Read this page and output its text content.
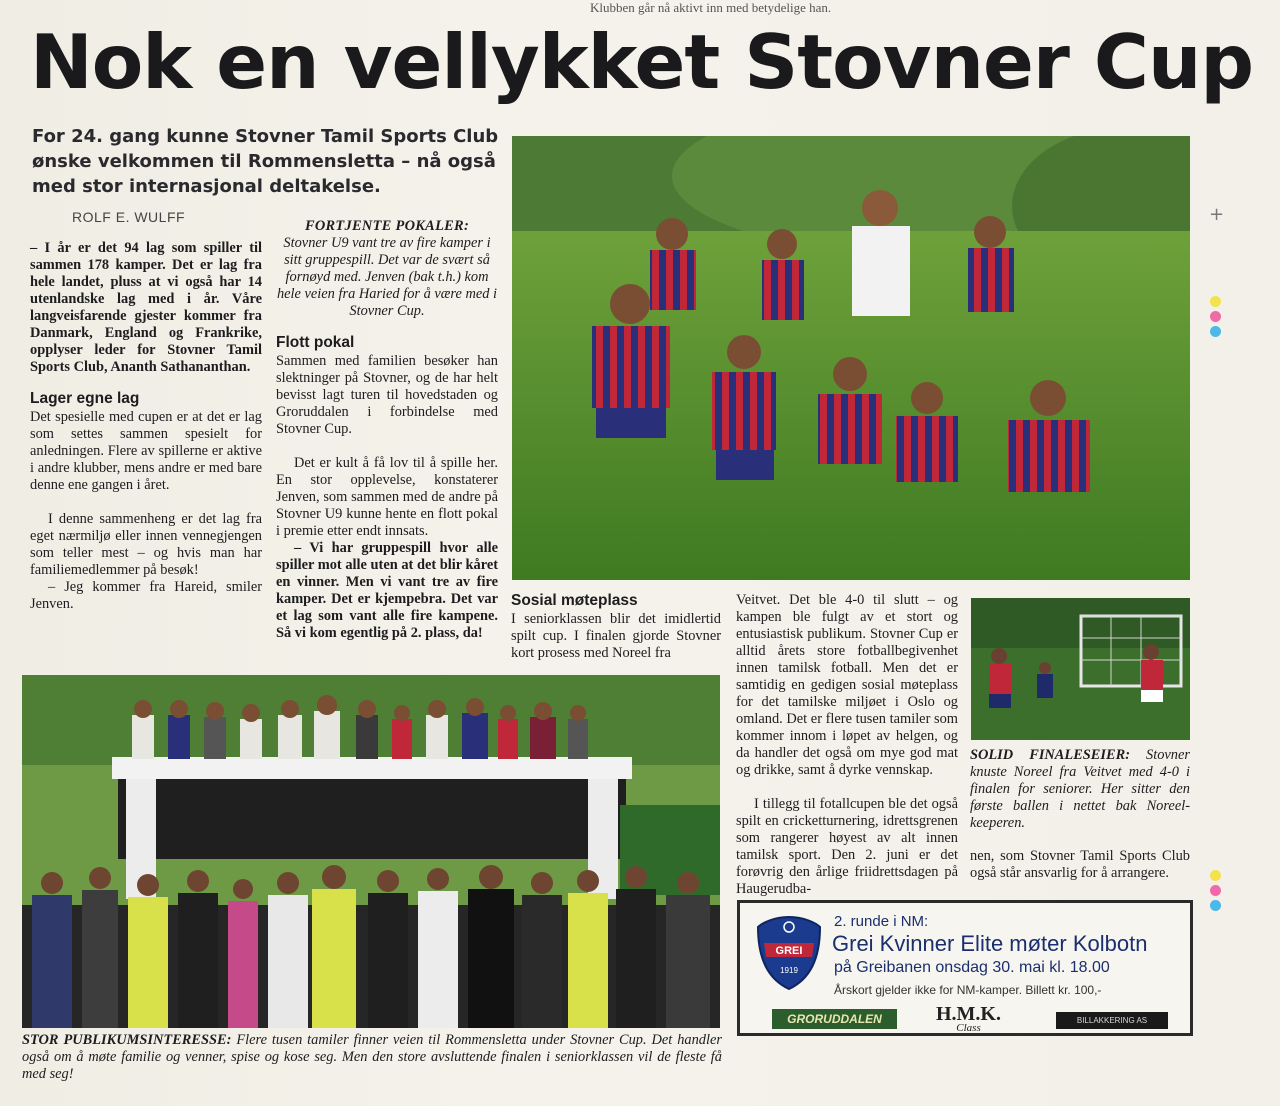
Klubben går nå aktivt inn med betydelige han.
Nok en vellykket Stovner Cup
For 24. gang kunne Stovner Tamil Sports Club ønske velkommen til Rommensletta – nå også med stor internasjonal deltakelse.
ROLF E. WULFF

– I år er det 94 lag som spiller til sammen 178 kamper. Det er lag fra hele landet, pluss at vi også har 14 utenlandske lag med i år. Våre langveisfarende gjester kommer fra Danmark, England og Frankrike, opplyser leder for Stovner Tamil Sports Club, Ananth Sathananthan.

Lager egne lag

Det spesielle med cupen er at det er lag som settes sammen spesielt for anledningen. Flere av spillerne er aktive i andre klubber, mens andre er med bare denne ene gangen i året.

I denne sammenheng er det lag fra eget nærmiljø eller innen vennegjengen som teller mest – og hvis man har familiemedlemmer på besøk!

– Jeg kommer fra Hareid, smiler Jenven.

FORTJENTE POKALER:
Stovner U9 vant tre av fire kamper i sitt gruppespill. Det var de svært så fornøyd med. Jenven (bak t.h.) kom hele veien fra Haried for å være med i Stovner Cup.

Flott pokal

Sammen med familien besøker han slektninger på Stovner, og de har helt bevisst lagt turen til hovedstaden og Groruddalen i forbindelse med Stovner Cup.

Det er kult å få lov til å spille her. En stor opplevelse, konstaterer Jenven, som sammen med de andre på Stovner U9 kunne hente en flott pokal i premie etter endt innsats.

– Vi har gruppespill hvor alle spiller mot alle uten at det blir kåret en vinner. Men vi vant tre av fire kamper. Det er kjempebra. Det var et lag som vant alle fire kampene. Så vi kom egentlig på 2. plass, da!

Sosial møteplass

I seniorklassen blir det imidlertid spilt cup. I finalen gjorde Stovner kort prosess med Noreel fra

Veitvet. Det ble 4-0 til slutt – og kampen ble fulgt av et stort og entusiastisk publikum. Stovner Cup er alltid årets store fotballbegivenhet innen tamilsk fotball. Men det er samtidig en gedigen sosial møteplass for det tamilske miljøet i Oslo og omland. Det er flere tusen tamiler som kommer innom i løpet av helgen, og da handler det også om mye god mat og drikke, samt å dyrke vennskap.

I tillegg til fotallcupen ble det også spilt en cricketturnering, idrettsgrenen som rangerer høyest av alt innen tamilsk sport. Den 2. juni er det forøvrig den årlige friidrettsdagen på Haugerudba-

SOLID FINALESEIER: Stovner knuste Noreel fra Veitvet med 4-0 i finalen for seniorer. Her sitter den første ballen i nettet bak Noreel-keeperen.

nen, som Stovner Tamil Sports Club også står ansvarlig for å arrangere.

STOR PUBLIKUMSINTERESSE: Flere tusen tamiler finner veien til Rommensletta under Stovner Cup. Det handler også om å møte familie og venner, spise og kose seg. Men den store avsluttende finalen i seniorklassen vil de fleste få med seg!
GREI
1919
2. runde i NM:
Grei Kvinner Elite møter Kolbotn
på Greibanen onsdag 30. mai kl. 18.00
Årskort gjelder ikke for NM-kamper. Billett kr. 100,-
GRORUDDALEN	H.M.K.
Class
BILLAKKERING AS
+
